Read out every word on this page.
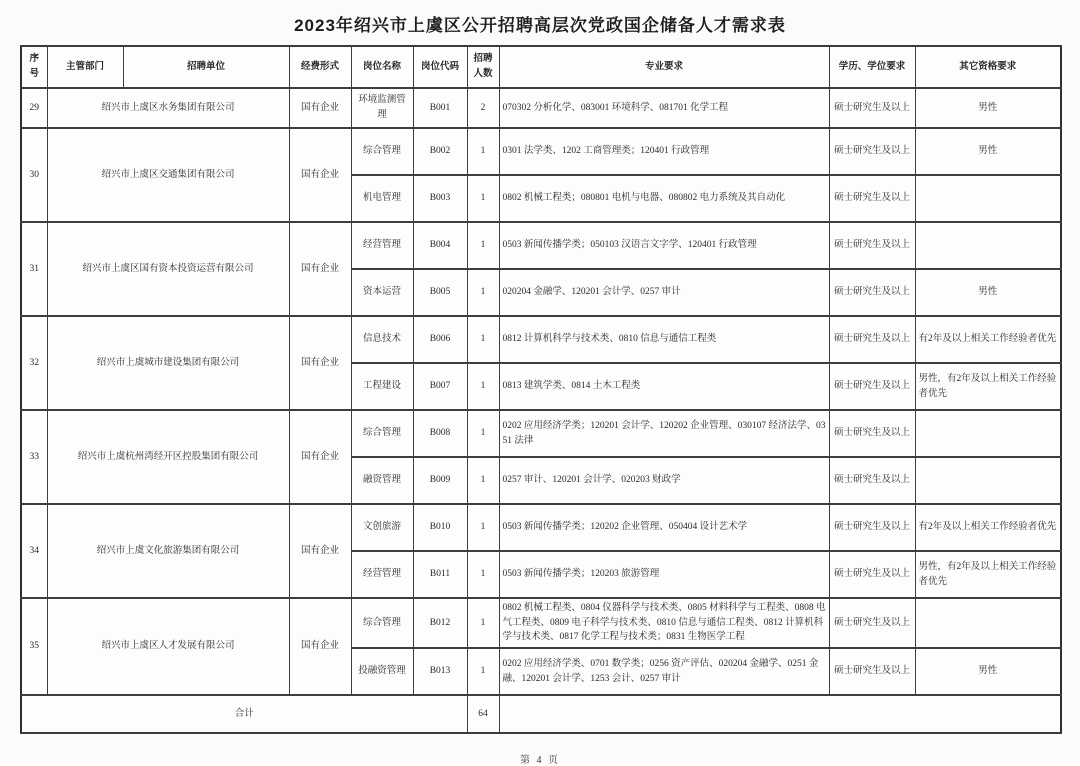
2023年绍兴市上虞区公开招聘高层次党政国企储备人才需求表
序号	主管部门	招聘单位	经费形式	岗位名称	岗位代码	招聘人数	专业要求	学历、学位要求	其它资格要求
29	绍兴市上虞区水务集团有限公司		国有企业	环境监测管理	B001	2	070302 分析化学、083001 环境科学、081701 化学工程	硕士研究生及以上	男性
30	绍兴市上虞区交通集团有限公司		国有企业	综合管理	B002	1	0301 法学类、1202 工商管理类；120401 行政管理	硕士研究生及以上	男性
				机电管理	B003	1	0802 机械工程类；080801 电机与电器、080802 电力系统及其自动化	硕士研究生及以上	
31	绍兴市上虞区国有资本投资运营有限公司		国有企业	经营管理	B004	1	0503 新闻传播学类；050103 汉语言文字学、120401 行政管理	硕士研究生及以上	
				资本运营	B005	1	020204 金融学、120201 会计学、0257 审计	硕士研究生及以上	男性
32	绍兴市上虞城市建设集团有限公司		国有企业	信息技术	B006	1	0812 计算机科学与技术类、0810 信息与通信工程类	硕士研究生及以上	有2年及以上相关工作经验者优先
				工程建设	B007	1	0813 建筑学类、0814 土木工程类	硕士研究生及以上	男性，有2年及以上相关工作经验者优先
33	绍兴市上虞杭州湾经开区控股集团有限公司		国有企业	综合管理	B008	1	0202 应用经济学类；120201 会计学、120202 企业管理、030107 经济法学、0351 法律	硕士研究生及以上	
				融资管理	B009	1	0257 审计、120201 会计学、020203 财政学	硕士研究生及以上	
34	绍兴市上虞文化旅游集团有限公司		国有企业	文创旅游	B010	1	0503 新闻传播学类；120202 企业管理、050404 设计艺术学	硕士研究生及以上	有2年及以上相关工作经验者优先
				经营管理	B011	1	0503 新闻传播学类；120203 旅游管理	硕士研究生及以上	男性，有2年及以上相关工作经验者优先
35	绍兴市上虞区人才发展有限公司		国有企业	综合管理	B012	1	0802 机械工程类、0804 仪器科学与技术类、0805 材料科学与工程类、0808 电气工程类、0809 电子科学与技术类、0810 信息与通信工程类、0812 计算机科学与技术类、0817 化学工程与技术类；0831 生物医学工程	硕士研究生及以上	
				投融资管理	B013	1	0202 应用经济学类、0701 数学类；0256 资产评估、020204 金融学、0251 金融、120201 会计学、1253 会计、0257 审计	硕士研究生及以上	男性
合计						64			
第 4 页
